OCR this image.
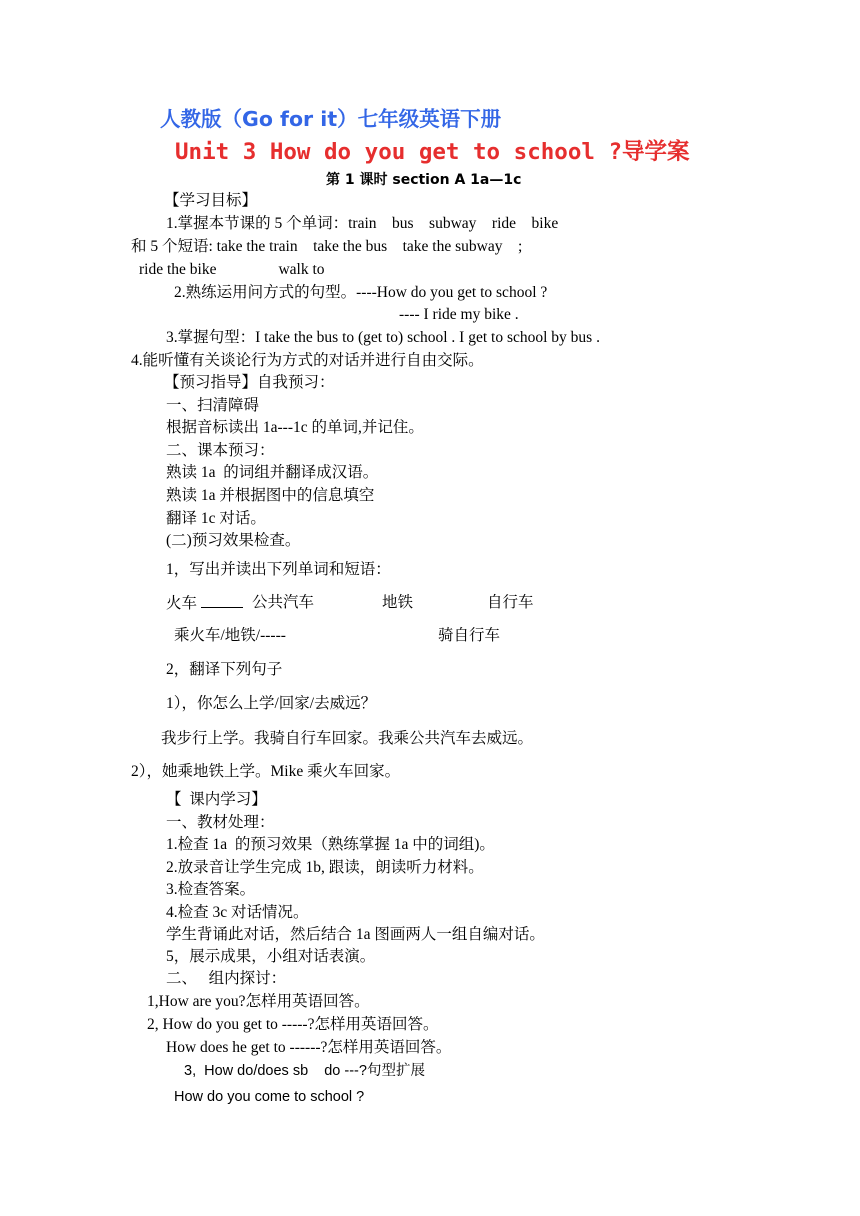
人教版（Go for it）七年级英语下册
Unit 3 How do you get to school ?导学案
第 1 课时 section A 1a—1c
【学习目标】
1.掌握本节课的 5 个单词：train    bus    subway    ride    bike
和 5 个短语: take the train    take the bus    take the subway    ;
ride the bike                walk to
2.熟练运用问方式的句型。----How do you get to school ?
---- I ride my bike .
3.掌握句型：I take the bus to (get to) school . I get to school by bus .
4.能听懂有关谈论行为方式的对话并进行自由交际。
【预习指导】自我预习：
一、扫清障碍
根据音标读出 1a---1c 的单词,并记住。
二、课本预习：
熟读 1a  的词组并翻译成汉语。
熟读 1a 并根据图中的信息填空
翻译 1c 对话。
(二)预习效果检查。
1，写出并读出下列单词和短语：
火车	公共汽车	地铁	自行车
乘火车/地铁/-----	骑自行车
2，翻译下列句子
1），你怎么上学/回家/去威远？
我步行上学。我骑自行车回家。我乘公共汽车去威远。
2），她乘地铁上学。Mike 乘火车回家。
【  课内学习】
一、教材处理：
1.检查 1a  的预习效果（熟练掌握 1a 中的词组)。
2.放录音让学生完成 1b, 跟读，朗读听力材料。
3.检查答案。
4.检查 3c 对话情况。
学生背诵此对话，然后结合 1a 图画两人一组自编对话。
5，展示成果，小组对话表演。
二、   组内探讨：
1,How are you?怎样用英语回答。
2, How do you get to -----?怎样用英语回答。
How does he get to ------?怎样用英语回答。
3,  How do/does sb    do ---?句型扩展
How do you come to school ?
